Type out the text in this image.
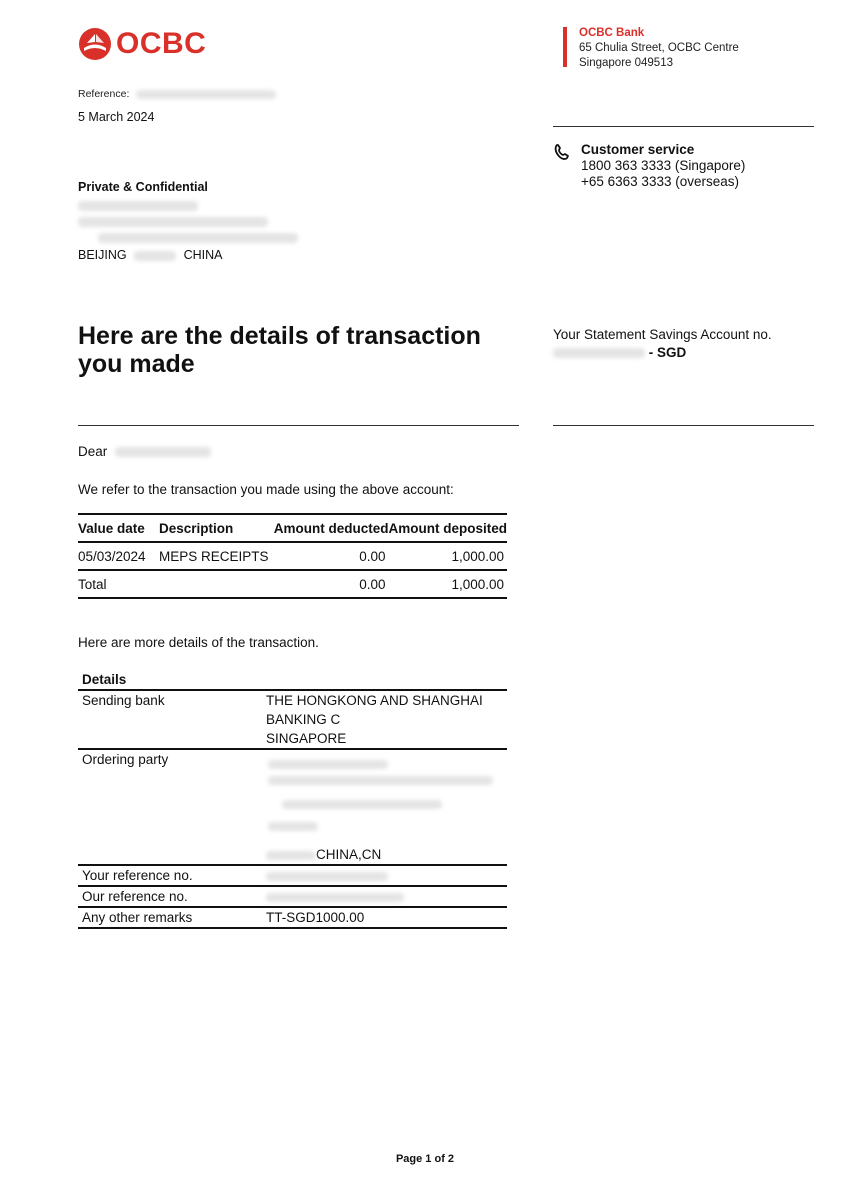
OCBC	OCBC Bank
65 Chulia Street, OCBC Centre
Singapore 049513
Reference:
5 March 2024
Customer service
1800 363 3333 (Singapore)
+65 6363 3333 (overseas)
Private & Confidential
BEIJING	CHINA
Here are the details of transaction you made
Your Statement Savings Account no.
- SGD
Dear
We refer to the transaction you made using the above account:
Value date	Description	Amount deducted	Amount deposited
05/03/2024	MEPS RECEIPTS	0.00	1,000.00
Total		0.00	1,000.00
Here are more details of the transaction.
Details	
Sending bank	THE HONGKONG AND SHANGHAI
BANKING C
SINGAPORE

Ordering party	CHINA,CN

Your reference no.	
Our reference no.	
Any other remarks	TT-SGD1000.00
Page 1 of 2
